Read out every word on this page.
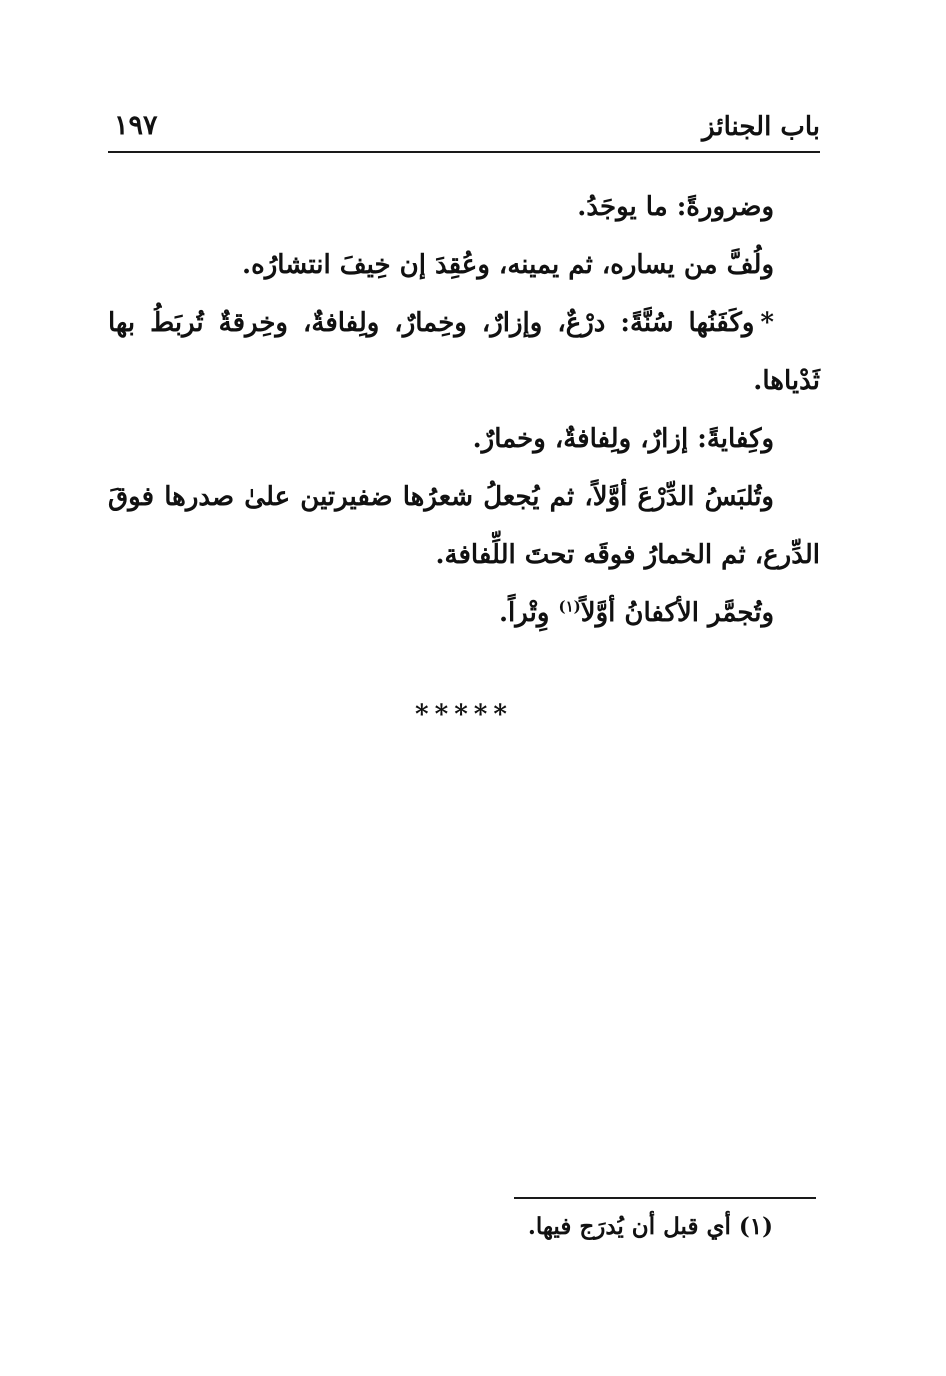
باب الجنائز
١٩٧

وضرورةً: ما يوجَدُ.

ولُفَّ من يساره، ثم يمينه، وعُقِدَ إن خِيفَ انتشارُه.

*وكَفَنُها سُنَّةً: درْعٌ، وإزارٌ، وخِمارٌ، ولِفافةٌ، وخِرقةٌ تُربَطُ بها ثَدْياها.

وكِفايةً: إزارٌ، ولِفافةٌ، وخمارٌ.

وتُلبَسُ الدِّرْعَ أوَّلاً، ثم يُجعلُ شعرُها ضفيرتين علىٰ صدرها فوقَ الدِّرع، ثم الخمارُ فوقَه تحتَ اللِّفافة.

وتُجمَّر الأكفانُ أوَّلاً$^{(١)}$ وِتْراً.

*****
(١) أي قبل أن يُدرَج فيها.
